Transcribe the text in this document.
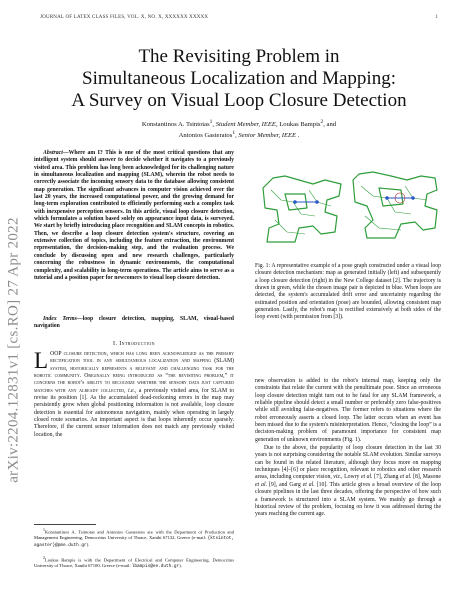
JOURNAL OF LATEX CLASS FILES, VOL. X, NO. X, XXXXXX XXXXX	1
The Revisiting Problem in
Simultaneous Localization and Mapping:
A Survey on Visual Loop Closure Detection
Konstantinos A. Tsintotas$^1$, Student Member, IEEE, Loukas Bampis$^2$, and
Antonios Gasteratos$^1$, Senior Member, IEEE .
arXiv:2204.12831v1 [cs.RO] 27 Apr 2022

Abstract—Where am I? This is one of the most critical questions that any intelligent system should answer to decide whether it navigates to a previously visited area. This problem has long been acknowledged for its challenging nature in simultaneous localization and mapping (SLAM), wherein the robot needs to correctly associate the incoming sensory data to the database allowing consistent map generation. The significant advances in computer vision achieved over the last 20 years, the increased computational power, and the growing demand for long-term exploration contributed to efficiently performing such a complex task with inexpensive perception sensors. In this article, visual loop closure detection, which formulates a solution based solely on appearance input data, is surveyed. We start by briefly introducing place recognition and SLAM concepts in robotics. Then, we describe a loop closure detection system's structure, covering an extensive collection of topics, including the feature extraction, the environment representation, the decision-making step, and the evaluation process. We conclude by discussing open and new research challenges, particularly concerning the robustness in dynamic environments, the computational complexity, and scalability in long-term operations. The article aims to serve as a tutorial and a position paper for newcomers to visual loop closure detection.

Index Terms—loop closure detection, mapping, SLAM, visual-based navigation

I. Introduction

LOOP closure detection, which has long been acknowledged as the primary rectification tool in any simultaneous localization and mapping (SLAM) system, historically represents a relevant and challenging task for the robotic community. Originally being introduced as “the revisiting problem,” it concerns the robot's ability to recognize whether the sensory data just captured matches with any already collected, i.e., a previously visited area, for SLAM to revise its position [1]. As the accumulated dead-reckoning errors in the map may persistently grow when global positioning information is not available, loop closure detection is essential for autonomous navigation, mainly when operating in largely closed route scenarios. An important aspect is that loops inherently occur sparsely. Therefore, if the current sensor information does not match any previously visited location, the

$^1$Konstantinos A. Tsintotas and Antonios Gasteratos are with the Department of Production and Management Engineering, Democritus University of Thrace, Xanthi 67132, Greece (e-mail: {ktsintot, agaster}@pme.duth.gr).

$^2$Loukas Bampis is with the Department of Electrical and Computer Engineering, Democritus University of Thrace, Xanthi 67100, Greece (e-mail: lbampis@ee.duth.gr).

Fig. 1: A representative example of a pose graph constructed under a visual loop closure detection mechanism: map as generated initially (left) and subsequently a loop closure detection (right) in the New College dataset [2]. The trajectory is drawn in green, while the chosen image pair is depicted in blue. When loops are detected, the system's accumulated drift error and uncertainty regarding the estimated position and orientation (pose) are bounded, allowing consistent map generation. Lastly, the robot's map is rectified extensively at both sides of the loop event (with permission from [3]).

new observation is added to the robot's internal map, keeping only the constraints that relate the current with the penultimate pose. Since an erroneous loop closure detection might turn out to be fatal for any SLAM framework, a reliable pipeline should detect a small number or preferably zero false-positives while still avoiding false-negatives. The former refers to situations where the robot erroneously asserts a closed loop. The latter occurs when an event has been missed due to the system's misinterpretation. Hence, “closing the loop” is a decision-making problem of paramount importance for consistent map generation of unknown environments (Fig. 1).

Due to the above, the popularity of loop closure detection in the last 30 years is not surprising considering the notable SLAM evolution. Similar surveys can be found in the related literature, although they focus more on mapping techniques [4]–[6] or place recognition, relevant to robotics and other research areas, including computer vision, viz., Lowry et al. [7], Zhang et al. [8], Masone et al. [9], and Garg et al. [10]. This article gives a broad overview of the loop closure pipelines in the last three decades, offering the perspective of how such a framework is structured into a SLAM system. We mainly go through a historical review of the problem, focusing on how it was addressed during the years reaching the current age.
